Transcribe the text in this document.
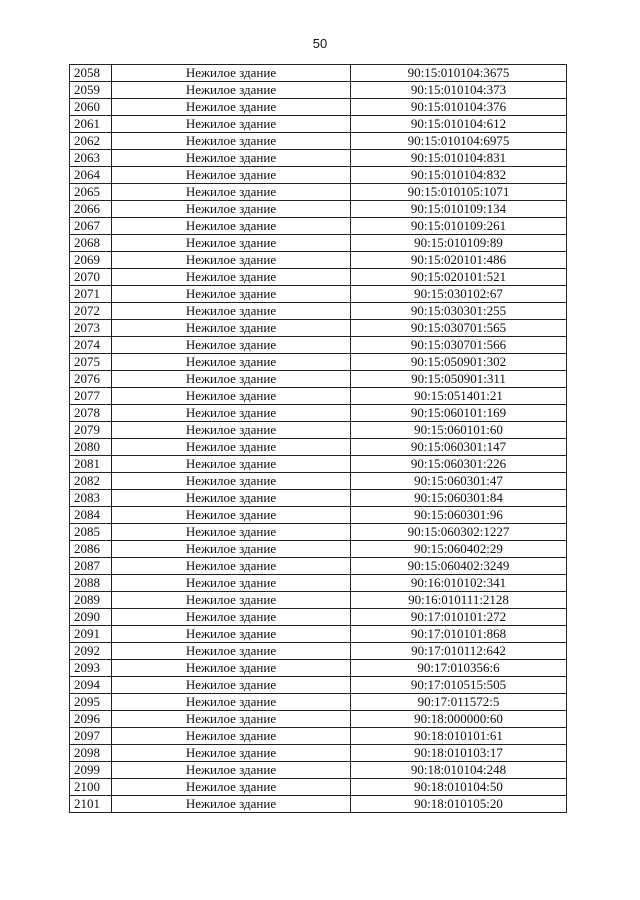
50
2058	Нежилое здание	90:15:010104:3675
2059	Нежилое здание	90:15:010104:373
2060	Нежилое здание	90:15:010104:376
2061	Нежилое здание	90:15:010104:612
2062	Нежилое здание	90:15:010104:6975
2063	Нежилое здание	90:15:010104:831
2064	Нежилое здание	90:15:010104:832
2065	Нежилое здание	90:15:010105:1071
2066	Нежилое здание	90:15:010109:134
2067	Нежилое здание	90:15:010109:261
2068	Нежилое здание	90:15:010109:89
2069	Нежилое здание	90:15:020101:486
2070	Нежилое здание	90:15:020101:521
2071	Нежилое здание	90:15:030102:67
2072	Нежилое здание	90:15:030301:255
2073	Нежилое здание	90:15:030701:565
2074	Нежилое здание	90:15:030701:566
2075	Нежилое здание	90:15:050901:302
2076	Нежилое здание	90:15:050901:311
2077	Нежилое здание	90:15:051401:21
2078	Нежилое здание	90:15:060101:169
2079	Нежилое здание	90:15:060101:60
2080	Нежилое здание	90:15:060301:147
2081	Нежилое здание	90:15:060301:226
2082	Нежилое здание	90:15:060301:47
2083	Нежилое здание	90:15:060301:84
2084	Нежилое здание	90:15:060301:96
2085	Нежилое здание	90:15:060302:1227
2086	Нежилое здание	90:15:060402:29
2087	Нежилое здание	90:15:060402:3249
2088	Нежилое здание	90:16:010102:341
2089	Нежилое здание	90:16:010111:2128
2090	Нежилое здание	90:17:010101:272
2091	Нежилое здание	90:17:010101:868
2092	Нежилое здание	90:17:010112:642
2093	Нежилое здание	90:17:010356:6
2094	Нежилое здание	90:17:010515:505
2095	Нежилое здание	90:17:011572:5
2096	Нежилое здание	90:18:000000:60
2097	Нежилое здание	90:18:010101:61
2098	Нежилое здание	90:18:010103:17
2099	Нежилое здание	90:18:010104:248
2100	Нежилое здание	90:18:010104:50
2101	Нежилое здание	90:18:010105:20
